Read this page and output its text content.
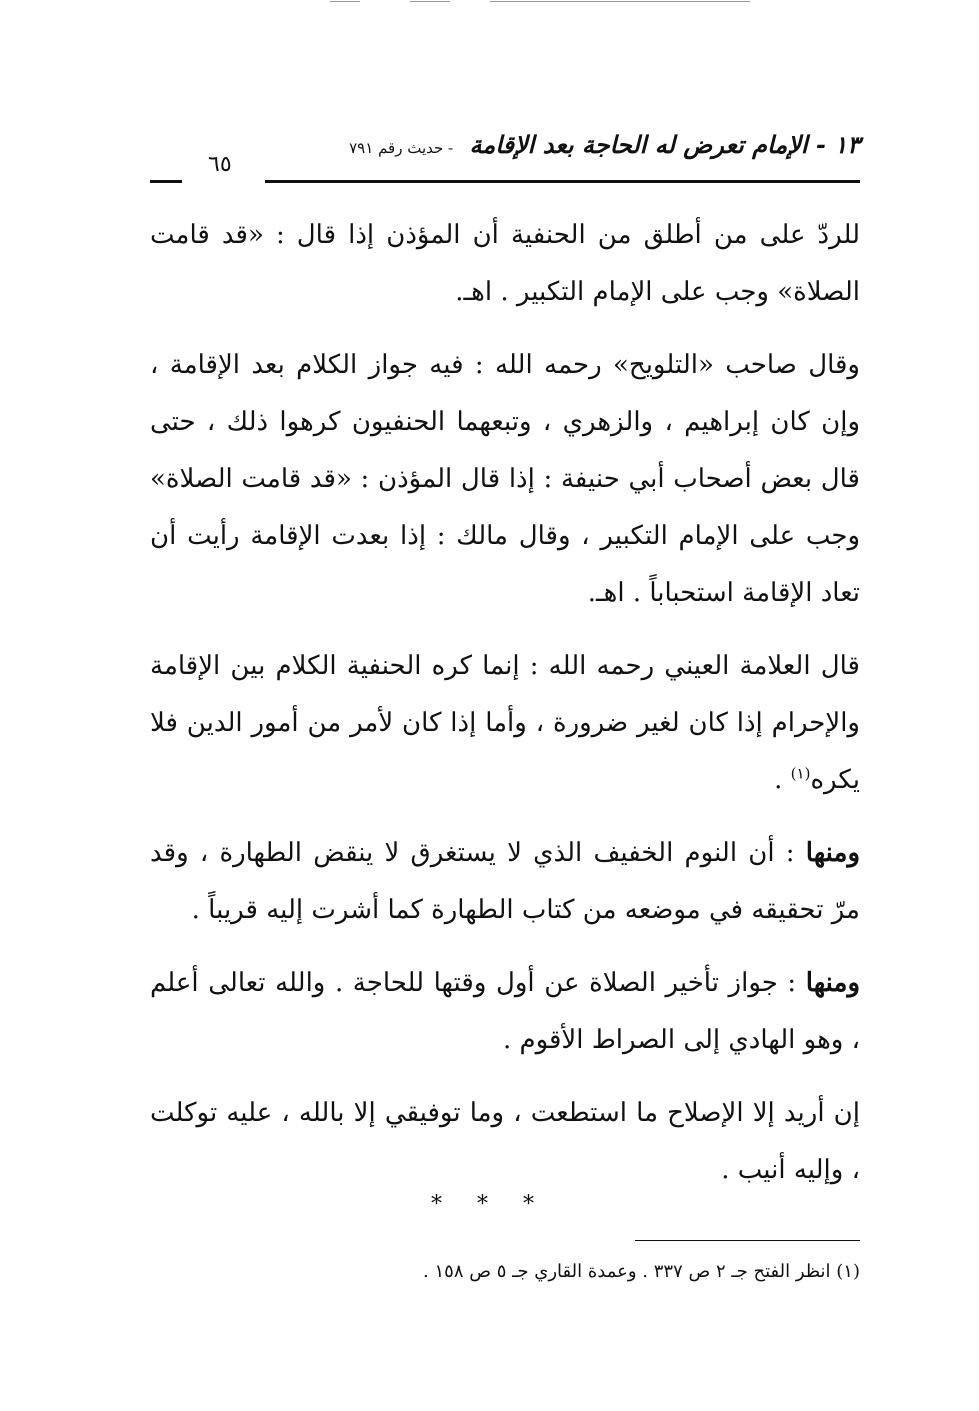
١٣ - الإمام تعرض له الحاجة بعد الإقامة - حديث رقم ٧٩١
٦٥

للردّ على من أطلق من الحنفية أن المؤذن إذا قال : «قد قامت الصلاة» وجب على الإمام التكبير . اهـ.

وقال صاحب «التلويح» رحمه الله : فيه جواز الكلام بعد الإقامة ، وإن كان إبراهيم ، والزهري ، وتبعهما الحنفيون كرهوا ذلك ، حتى قال بعض أصحاب أبي حنيفة : إذا قال المؤذن : «قد قامت الصلاة» وجب على الإمام التكبير ، وقال مالك : إذا بعدت الإقامة رأيت أن تعاد الإقامة استحباباً . اهـ.

قال العلامة العيني رحمه الله : إنما كره الحنفية الكلام بين الإقامة والإحرام إذا كان لغير ضرورة ، وأما إذا كان لأمر من أمور الدين فلا يكره$^{(١)}$ .

ومنها : أن النوم الخفيف الذي لا يستغرق لا ينقض الطهارة ، وقد مرّ تحقيقه في موضعه من كتاب الطهارة كما أشرت إليه قريباً .

ومنها : جواز تأخير الصلاة عن أول وقتها للحاجة . والله تعالى أعلم ، وهو الهادي إلى الصراط الأقوم .

إن أريد إلا الإصلاح ما استطعت ، وما توفيقي إلا بالله ، عليه توكلت ، وإليه أنيب .

* * *
(١) انظر الفتح جـ ٢ ص ٣٣٧ . وعمدة القاري جـ ٥ ص ١٥٨ .
